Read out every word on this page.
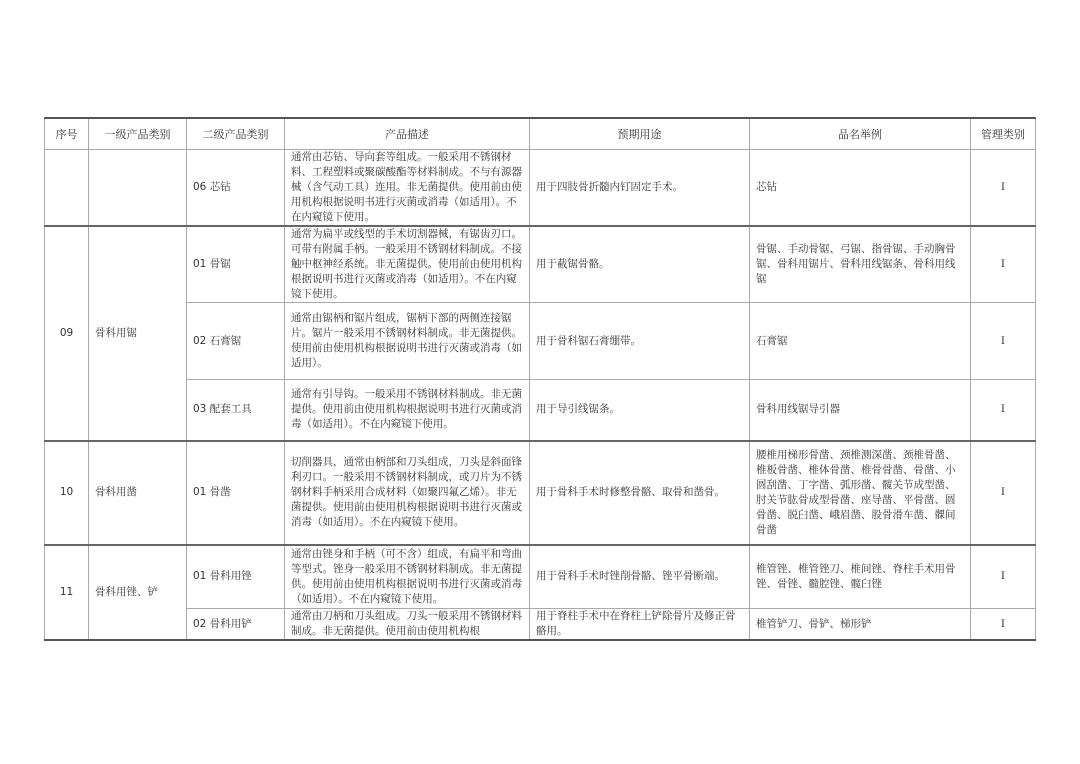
序号	一级产品类别	二级产品类别	产品描述	预期用途	品名举例	管理类别
		06 芯钻	通常由芯钻、导向套等组成。一般采用不锈钢材料、工程塑料或聚碳酸酯等材料制成。不与有源器械（含气动工具）连用。非无菌提供。使用前由使用机构根据说明书进行灭菌或消毒（如适用）。不在内窥镜下使用。	用于四肢骨折髓内钉固定手术。	芯钻	I
09	骨科用锯	01 骨锯	通常为扁平或线型的手术切割器械，有锯齿刃口。可带有附属手柄。一般采用不锈钢材料制成。不接触中枢神经系统。非无菌提供。使用前由使用机构根据说明书进行灭菌或消毒（如适用）。不在内窥镜下使用。	用于截锯骨骼。	骨锯、手动骨锯、弓锯、指骨锯、手动胸骨锯、骨科用锯片、骨科用线锯条、骨科用线锯	I
		02 石膏锯	通常由锯柄和锯片组成，锯柄下部的两侧连接锯片。锯片一般采用不锈钢材料制成。非无菌提供。使用前由使用机构根据说明书进行灭菌或消毒（如适用）。	用于骨科锯石膏绷带。	石膏锯	I
		03 配套工具	通常有引导钩。一般采用不锈钢材料制成。非无菌提供。使用前由使用机构根据说明书进行灭菌或消毒（如适用）。不在内窥镜下使用。	用于导引线锯条。	骨科用线锯导引器	I
10	骨科用凿	01 骨凿	切削器具，通常由柄部和刀头组成，刀头是斜面锋利刃口。一般采用不锈钢材料制成，或刀片为不锈钢材料手柄采用合成材料（如聚四氟乙烯）。非无菌提供。使用前由使用机构根据说明书进行灭菌或消毒（如适用）。不在内窥镜下使用。	用于骨科手术时修整骨骼、取骨和凿骨。	腰椎用梯形骨凿、颈椎测深凿、颈椎骨凿、椎板骨凿、椎体骨凿、椎骨骨凿、骨凿、小圆刮凿、丁字凿、弧形凿、髋关节成型凿、肘关节肱骨成型骨凿、座导凿、平骨凿、圆骨凿、脱臼凿、峨眉凿、股骨滑车凿、髁间骨凿	I
11	骨科用锉、铲	01 骨科用锉	通常由锉身和手柄（可不含）组成，有扁平和弯曲等型式。锉身一般采用不锈钢材料制成。非无菌提供。使用前由使用机构根据说明书进行灭菌或消毒（如适用）。不在内窥镜下使用。	用于骨科手术时锉削骨骼、锉平骨断端。	椎管锉、椎管锉刀、椎间锉、脊柱手术用骨锉、骨锉、髓腔锉、髋臼锉	I
		02 骨科用铲	通常由刀柄和刀头组成。刀头一般采用不锈钢材料制成。非无菌提供。使用前由使用机构根	用于脊柱手术中在脊柱上铲除骨片及修正骨骼用。	椎管铲刀、骨铲、梯形铲	I
